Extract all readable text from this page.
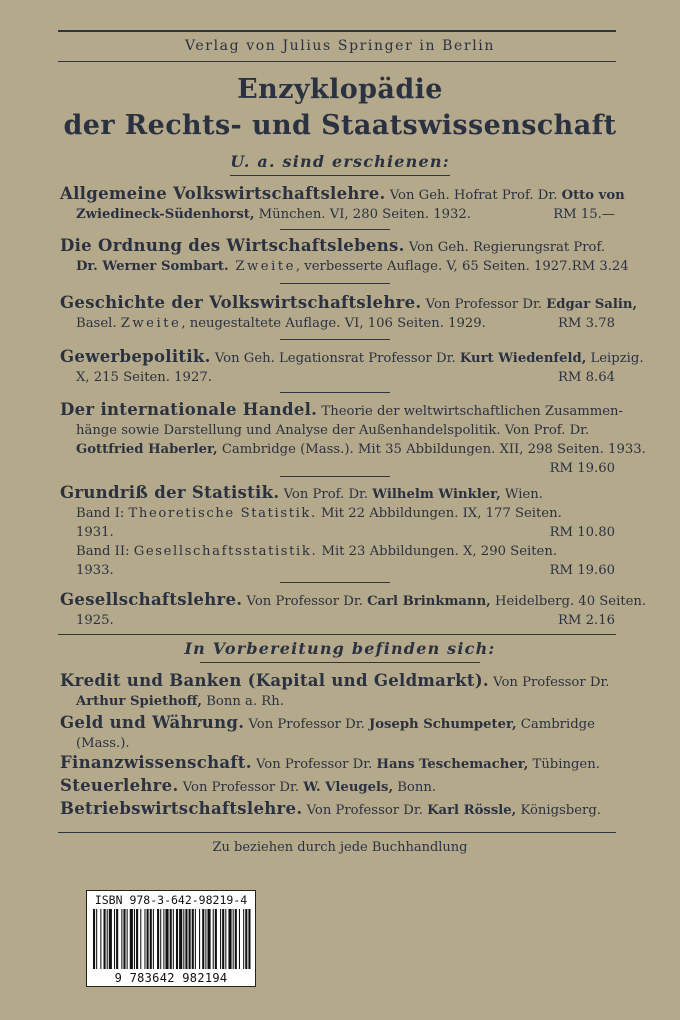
Verlag von Julius Springer in Berlin
Enzyklopädie
der Rechts- und Staatswissenschaft
U. a. sind erschienen:
Allgemeine Volkswirtschaftslehre. Von Geh. Hofrat Prof. Dr. Otto von
Zwiedineck-Südenhorst, München. VI, 280 Seiten. 1932.	RM 15.—
Die Ordnung des Wirtschaftslebens. Von Geh. Regierungsrat Prof.
Dr. Werner Sombart. Zweite, verbesserte Auflage. V, 65 Seiten. 1927. RM 3.24
Geschichte der Volkswirtschaftslehre. Von Professor Dr. Edgar Salin,
Basel. Zweite, neugestaltete Auflage. VI, 106 Seiten. 1929.	RM 3.78
Gewerbepolitik. Von Geh. Legationsrat Professor Dr. Kurt Wiedenfeld, Leipzig.
X, 215 Seiten. 1927.	RM 8.64
Der internationale Handel. Theorie der weltwirtschaftlichen Zusammen-
hänge sowie Darstellung und Analyse der Außenhandelspolitik. Von Prof. Dr.
Gottfried Haberler, Cambridge (Mass.). Mit 35 Abbildungen. XII, 298 Seiten. 1933.
RM 19.60
Grundriß der Statistik. Von Prof. Dr. Wilhelm Winkler, Wien.
Band I: Theoretische Statistik. Mit 22 Abbildungen. IX, 177 Seiten.
1931.	RM 10.80
Band II: Gesellschaftsstatistik. Mit 23 Abbildungen. X, 290 Seiten.
1933.	RM 19.60
Gesellschaftslehre. Von Professor Dr. Carl Brinkmann, Heidelberg. 40 Seiten.
1925.	RM 2.16
In Vorbereitung befinden sich:
Kredit und Banken (Kapital und Geldmarkt). Von Professor Dr.
Arthur Spiethoff, Bonn a. Rh.
Geld und Währung. Von Professor Dr. Joseph Schumpeter, Cambridge
(Mass.).
Finanzwissenschaft. Von Professor Dr. Hans Teschemacher, Tübingen.
Steuerlehre. Von Professor Dr. W. Vleugels, Bonn.
Betriebswirtschaftslehre. Von Professor Dr. Karl Rössle, Königsberg.
Zu beziehen durch jede Buchhandlung
ISBN 978-3-642-98219-4
9 783642 982194
